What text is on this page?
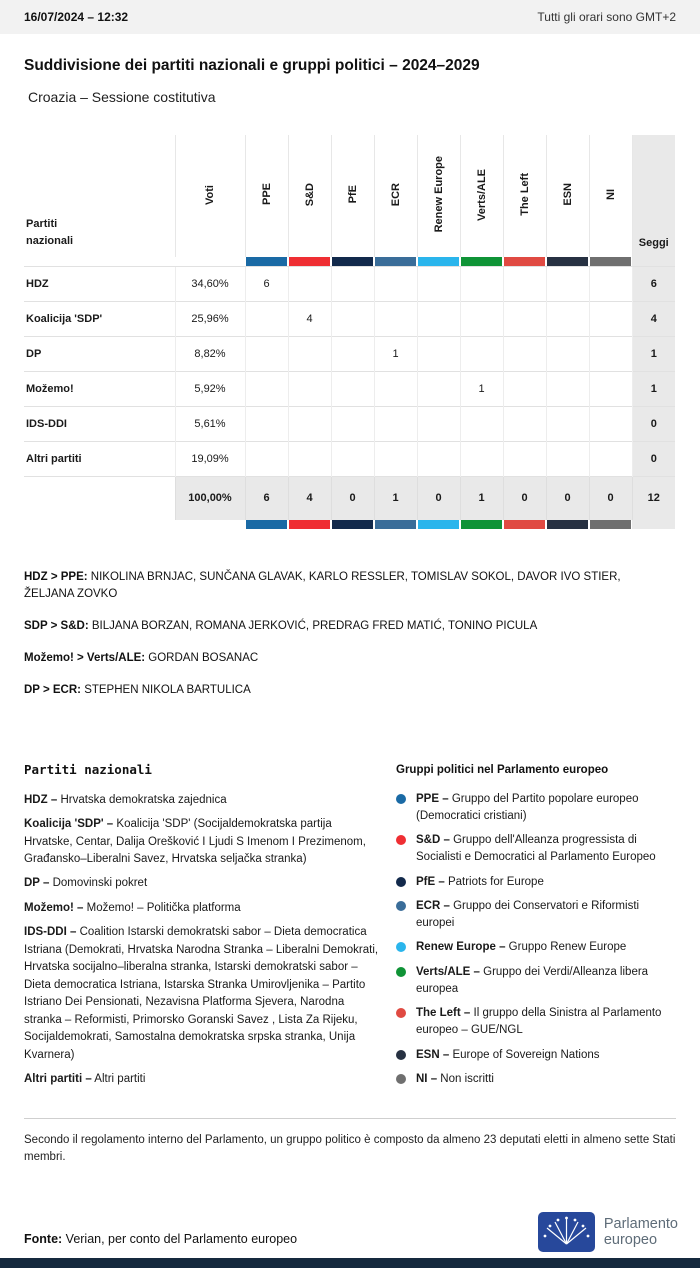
16/07/2024 – 12:32	Tutti gli orari sono GMT+2
Suddivisione dei partiti nazionali e gruppi politici – 2024–2029
Croazia – Sessione costitutiva
Partiti nazionali	Voti	PPE	S&D	PfE	ECR	Renew Europe	Verts/ALE	The Left	ESN	NI	Seggi

HDZ	34,60%	6									6
Koalicija 'SDP'	25,96%		4								4
DP	8,82%				1						1
Možemo!	5,92%						1				1
IDS-DDI	5,61%										0
Altri partiti	19,09%										0
	100,00%	6	4	0	1	0	1	0	0	0	12

HDZ > PPE: NIKOLINA BRNJAC, SUNČANA GLAVAK, KARLO RESSLER, TOMISLAV SOKOL, DAVOR IVO STIER, ŽELJANA ZOVKO

SDP > S&D: BILJANA BORZAN, ROMANA JERKOVIĆ, PREDRAG FRED MATIĆ, TONINO PICULA

Možemo! > Verts/ALE: GORDAN BOSANAC

DP > ECR: STEPHEN NIKOLA BARTULICA

Partiti nazionali

HDZ – Hrvatska demokratska zajednica

Koalicija 'SDP' – Koalicija 'SDP' (Socijaldemokratska partija Hrvatske, Centar, Dalija Orešković I Ljudi S Imenom I Prezimenom, Građansko–Liberalni Savez, Hrvatska seljačka stranka)

DP – Domovinski pokret

Možemo! – Možemo! – Politička platforma

IDS-DDI – Coalition Istarski demokratski sabor – Dieta democratica Istriana (Demokrati, Hrvatska Narodna Stranka – Liberalni Demokrati, Hrvatska socijalno–liberalna stranka, Istarski demokratski sabor – Dieta democratica Istriana, Istarska Stranka Umirovljenika – Partito Istriano Dei Pensionati, Nezavisna Platforma Sjevera, Narodna stranka – Reformisti, Primorsko Goranski Savez , Lista Za Rijeku, Socijaldemokrati, Samostalna demokratska srpska stranka, Unija Kvarnera)

Altri partiti – Altri partiti

Gruppi politici nel Parlamento europeo
PPE – Gruppo del Partito popolare europeo (Democratici cristiani)
S&D – Gruppo dell'Alleanza progressista di Socialisti e Democratici al Parlamento Europeo
PfE – Patriots for Europe
ECR – Gruppo dei Conservatori e Riformisti europei
Renew Europe – Gruppo Renew Europe
Verts/ALE – Gruppo dei Verdi/Alleanza libera europea
The Left – Il gruppo della Sinistra al Parlamento europeo – GUE/NGL
ESN – Europe of Sovereign Nations
NI – Non iscritti

Secondo il regolamento interno del Parlamento, un gruppo politico è composto da almeno 23 deputati eletti in almeno sette Stati membri.

Fonte: Verian, per conto del Parlamento europeo
Parlamento
europeo
